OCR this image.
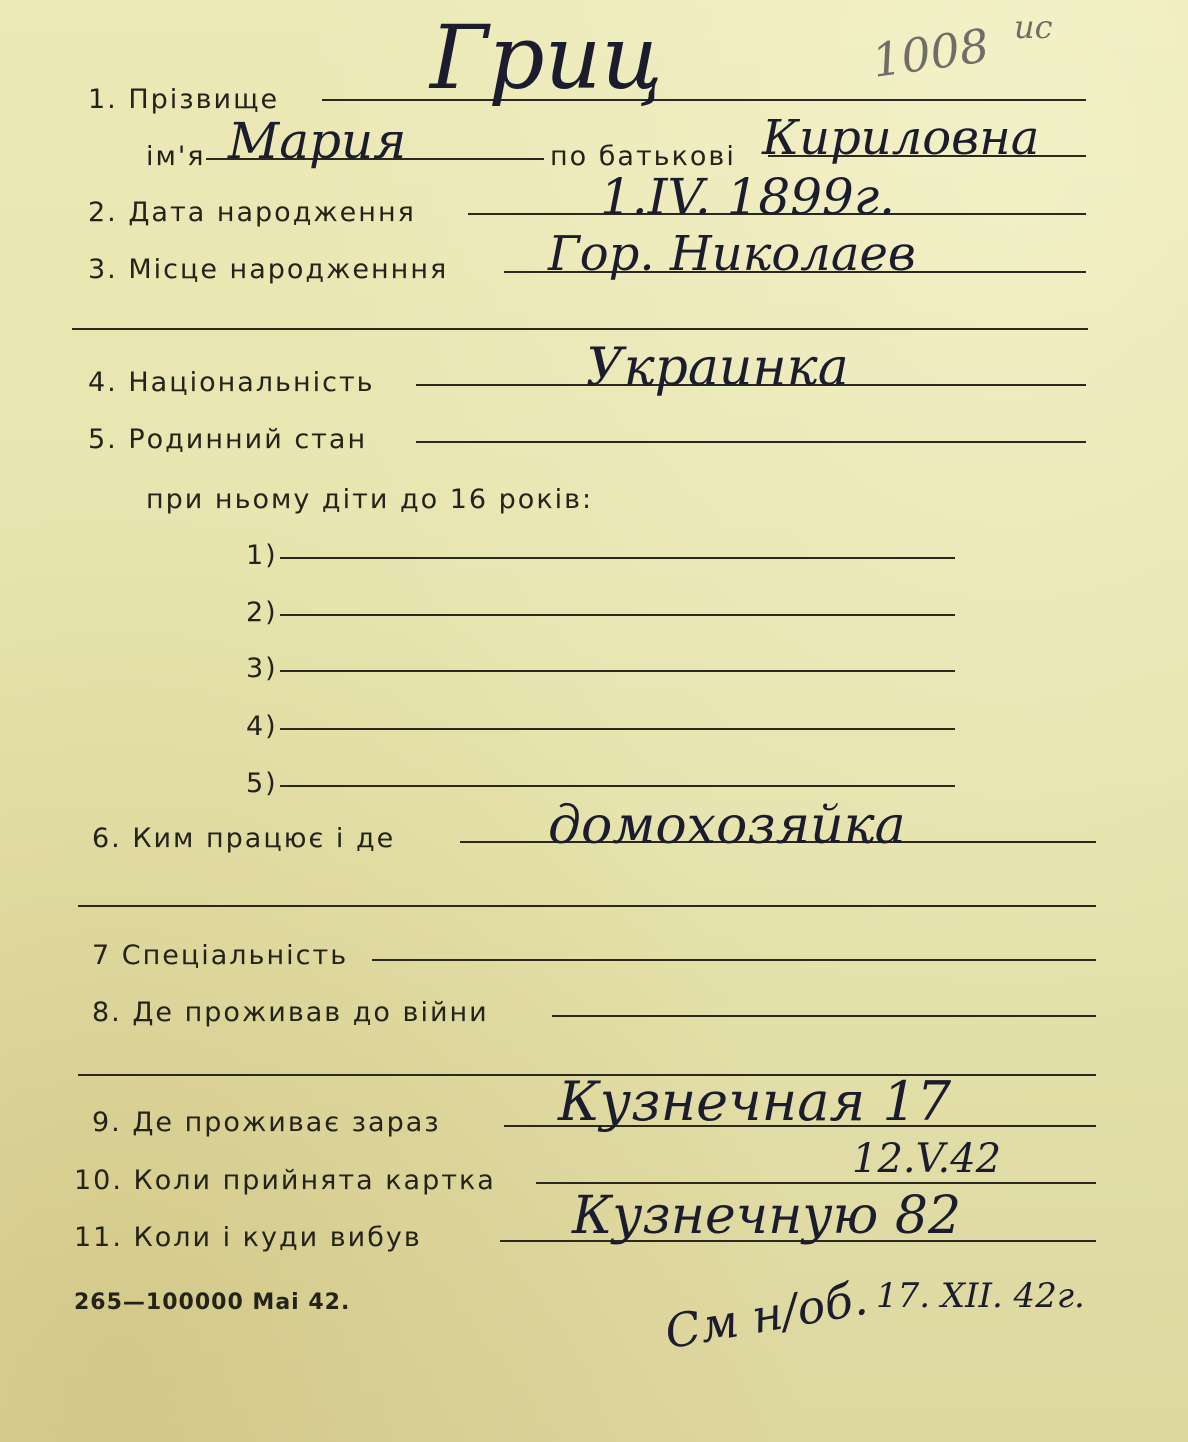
1. Прізвище Гриц	1008 ис
ім'я Мария	по батькові Кириловна
2. Дата народження	1.IV. 1899г.
3. Місце народженння Гор. Николаев
4. Національність	Украинка
5. Родинний стан
при ньому діти до 16 років:
1)
2)
3)
4)
5)
6. Ким працює і де	домохозяйка
7 Спеціальність
8. Де проживав до війни
9. Де проживає зараз Кузнечная 17
10. Коли прийнята картка	12.V.42
11. Коли і куди вибув	Кузнечную 82
См н/об. 17. XII. 42г.
265—100000 Mai 42.
